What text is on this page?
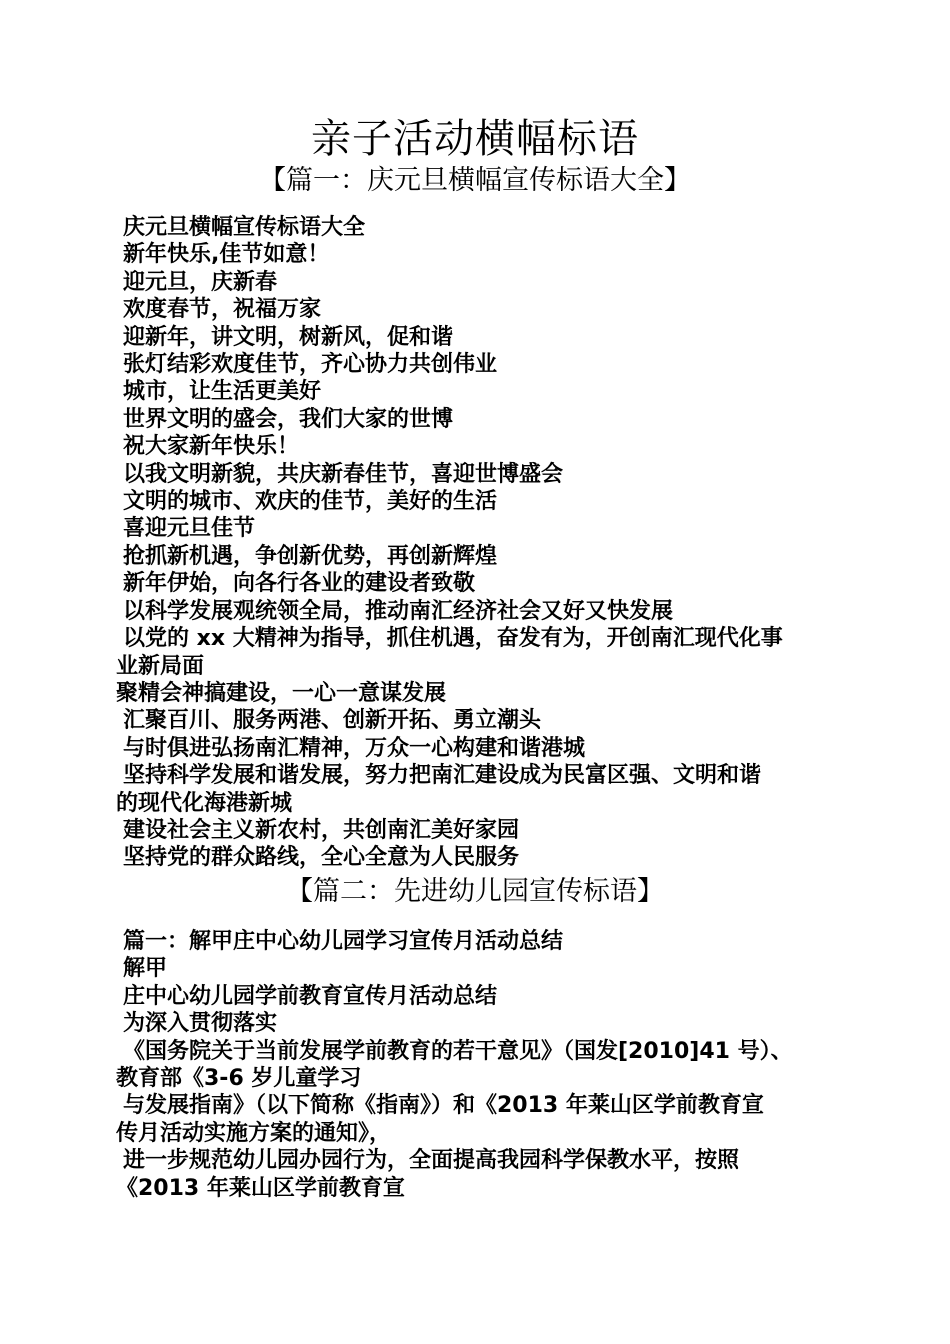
亲子活动横幅标语
【篇一：庆元旦横幅宣传标语大全】
庆元旦横幅宣传标语大全
新年快乐,佳节如意！
迎元旦，庆新春
欢度春节，祝福万家
迎新年，讲文明，树新风，促和谐
张灯结彩欢度佳节，齐心协力共创伟业
城市，让生活更美好
世界文明的盛会，我们大家的世博
祝大家新年快乐！
以我文明新貌，共庆新春佳节，喜迎世博盛会
文明的城市、欢庆的佳节，美好的生活
喜迎元旦佳节
抢抓新机遇，争创新优势，再创新辉煌
新年伊始，向各行各业的建设者致敬
以科学发展观统领全局，推动南汇经济社会又好又快发展
以党的 xx 大精神为指导，抓住机遇，奋发有为，开创南汇现代化事
业新局面
聚精会神搞建设，一心一意谋发展
汇聚百川、服务两港、创新开拓、勇立潮头
与时俱进弘扬南汇精神，万众一心构建和谐港城
坚持科学发展和谐发展，努力把南汇建设成为民富区强、文明和谐
的现代化海港新城
建设社会主义新农村，共创南汇美好家园
坚持党的群众路线，全心全意为人民服务
【篇二：先进幼儿园宣传标语】
篇一：解甲庄中心幼儿园学习宣传月活动总结
解甲
庄中心幼儿园学前教育宣传月活动总结
为深入贯彻落实
《国务院关于当前发展学前教育的若干意见》（国发[2010]41 号）、
教育部《3-6 岁儿童学习
与发展指南》（以下简称《指南》）和《2013 年莱山区学前教育宣
传月活动实施方案的通知》，
进一步规范幼儿园办园行为，全面提高我园科学保教水平，按照
《2013 年莱山区学前教育宣
